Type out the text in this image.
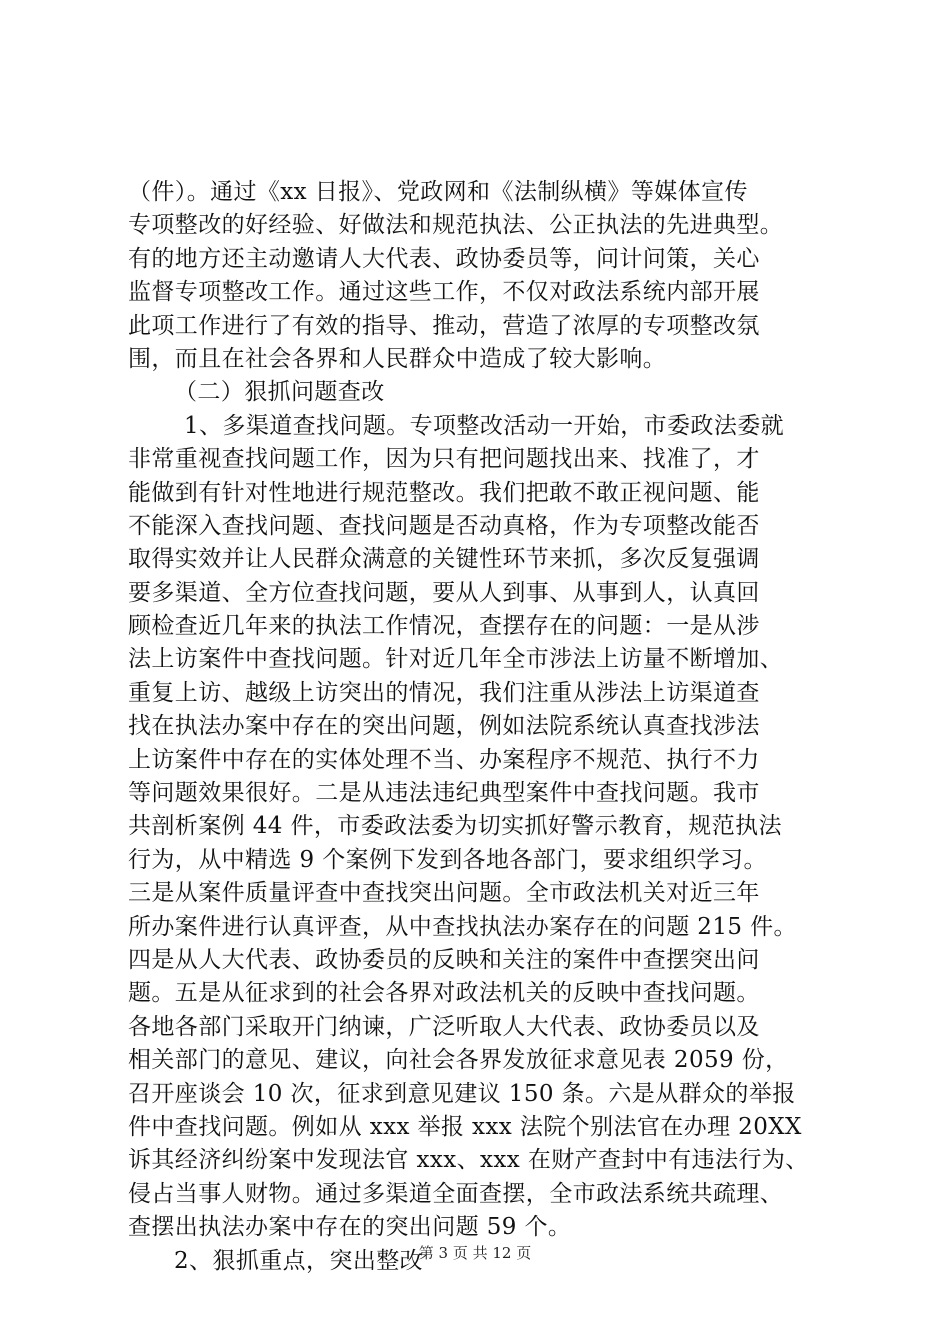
（件）。通过《xx 日报》、党政网和《法制纵横》等媒体宣传
专项整改的好经验、好做法和规范执法、公正执法的先进典型。
有的地方还主动邀请人大代表、政协委员等，问计问策，关心
监督专项整改工作。通过这些工作，不仅对政法系统内部开展
此项工作进行了有效的指导、推动，营造了浓厚的专项整改氛
围，而且在社会各界和人民群众中造成了较大影响。
（二）狠抓问题查改
1、多渠道查找问题。专项整改活动一开始，市委政法委就
非常重视查找问题工作，因为只有把问题找出来、找准了，才
能做到有针对性地进行规范整改。我们把敢不敢正视问题、能
不能深入查找问题、查找问题是否动真格，作为专项整改能否
取得实效并让人民群众满意的关键性环节来抓，多次反复强调
要多渠道、全方位查找问题，要从人到事、从事到人，认真回
顾检查近几年来的执法工作情况，查摆存在的问题：一是从涉
法上访案件中查找问题。针对近几年全市涉法上访量不断增加、
重复上访、越级上访突出的情况，我们注重从涉法上访渠道查
找在执法办案中存在的突出问题，例如法院系统认真查找涉法
上访案件中存在的实体处理不当、办案程序不规范、执行不力
等问题效果很好。二是从违法违纪典型案件中查找问题。我市
共剖析案例 44 件，市委政法委为切实抓好警示教育，规范执法
行为，从中精选 9 个案例下发到各地各部门，要求组织学习。
三是从案件质量评查中查找突出问题。全市政法机关对近三年
所办案件进行认真评查，从中查找执法办案存在的问题 215 件。
四是从人大代表、政协委员的反映和关注的案件中查摆突出问
题。五是从征求到的社会各界对政法机关的反映中查找问题。
各地各部门采取开门纳谏，广泛听取人大代表、政协委员以及
相关部门的意见、建议，向社会各界发放征求意见表 2059 份，
召开座谈会 10 次，征求到意见建议 150 条。六是从群众的举报
件中查找问题。例如从 xxx 举报 xxx 法院个别法官在办理 20XX
诉其经济纠纷案中发现法官 xxx、xxx 在财产查封中有违法行为、
侵占当事人财物。通过多渠道全面查摆，全市政法系统共疏理、
查摆出执法办案中存在的突出问题 59 个。
2、狠抓重点，突出整改
第 3 页 共 12 页
